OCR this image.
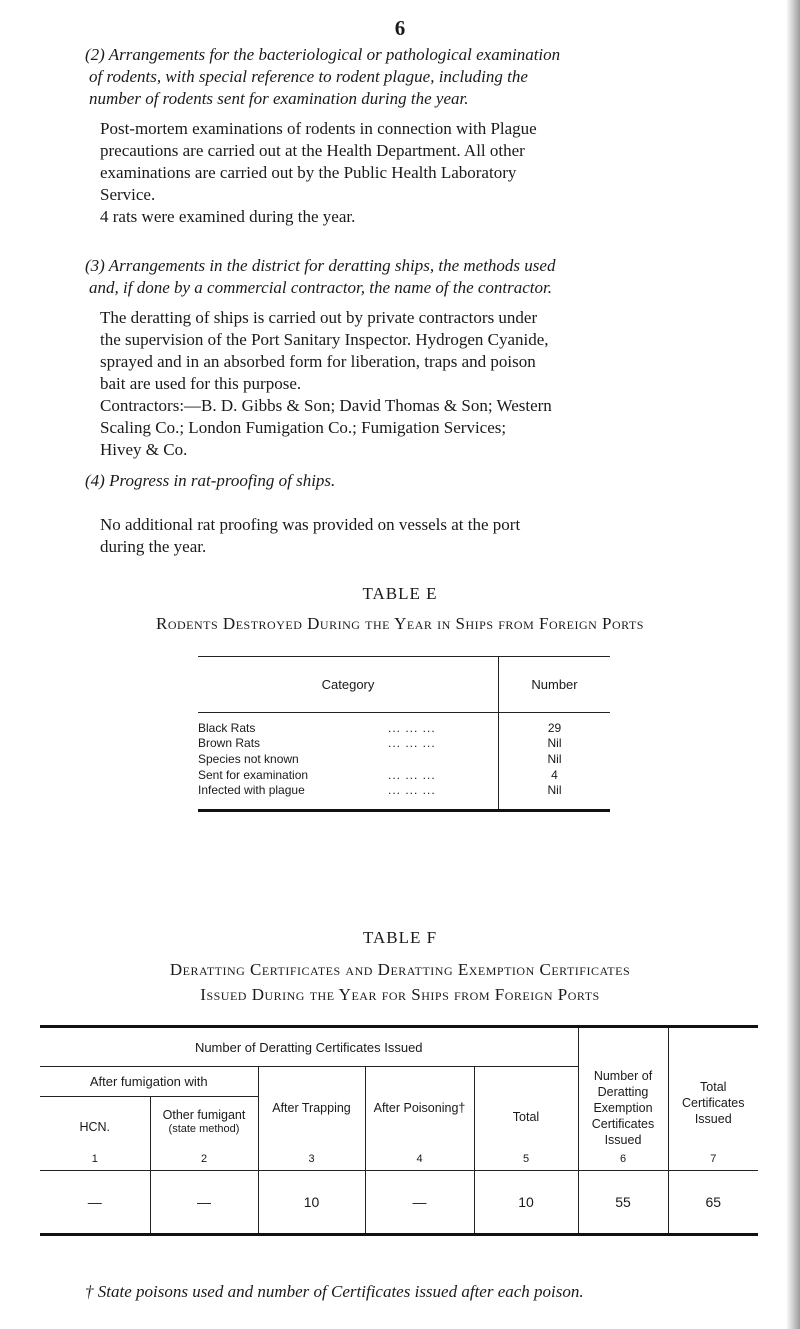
6
(2) Arrangements for the bacteriological or pathological examination
of rodents, with special reference to rodent plague, including the
number of rodents sent for examination during the year.
Post-mortem examinations of rodents in connection with Plague
precautions are carried out at the Health Department. All other
examinations are carried out by the Public Health Laboratory
Service.
4 rats were examined during the year.
(3) Arrangements in the district for deratting ships, the methods used
and, if done by a commercial contractor, the name of the contractor.
The deratting of ships is carried out by private contractors under
the supervision of the Port Sanitary Inspector. Hydrogen Cyanide,
sprayed and in an absorbed form for liberation, traps and poison
bait are used for this purpose.
Contractors:—B. D. Gibbs & Son; David Thomas & Son; Western
Scaling Co.; London Fumigation Co.; Fumigation Services;
Hivey & Co.
(4) Progress in rat-proofing of ships.
No additional rat proofing was provided on vessels at the port
during the year.
TABLE E
Rodents Destroyed During the Year in Ships from Foreign Ports
Category	Number
Black Rats ... ... ...	29
Brown Rats ... ... ...	Nil
Species not known	Nil
Sent for examination ... ... ...	4
Infected with plague ... ... ...	Nil

TABLE F
Deratting Certificates and Deratting Exemption Certificates
Issued During the Year for Ships from Foreign Ports
Number of Deratting Certificates Issued					Number of Deratting Exemption Certificates Issued	Total Certificates Issued
After fumigation with		After Trapping	After Poisoning†	Total		
HCN.	Other fumigant
(state method)					

1	2	3	4	5	6	7
—	—	10	—	10	55	65
† State poisons used and number of Certificates issued after each poison.
